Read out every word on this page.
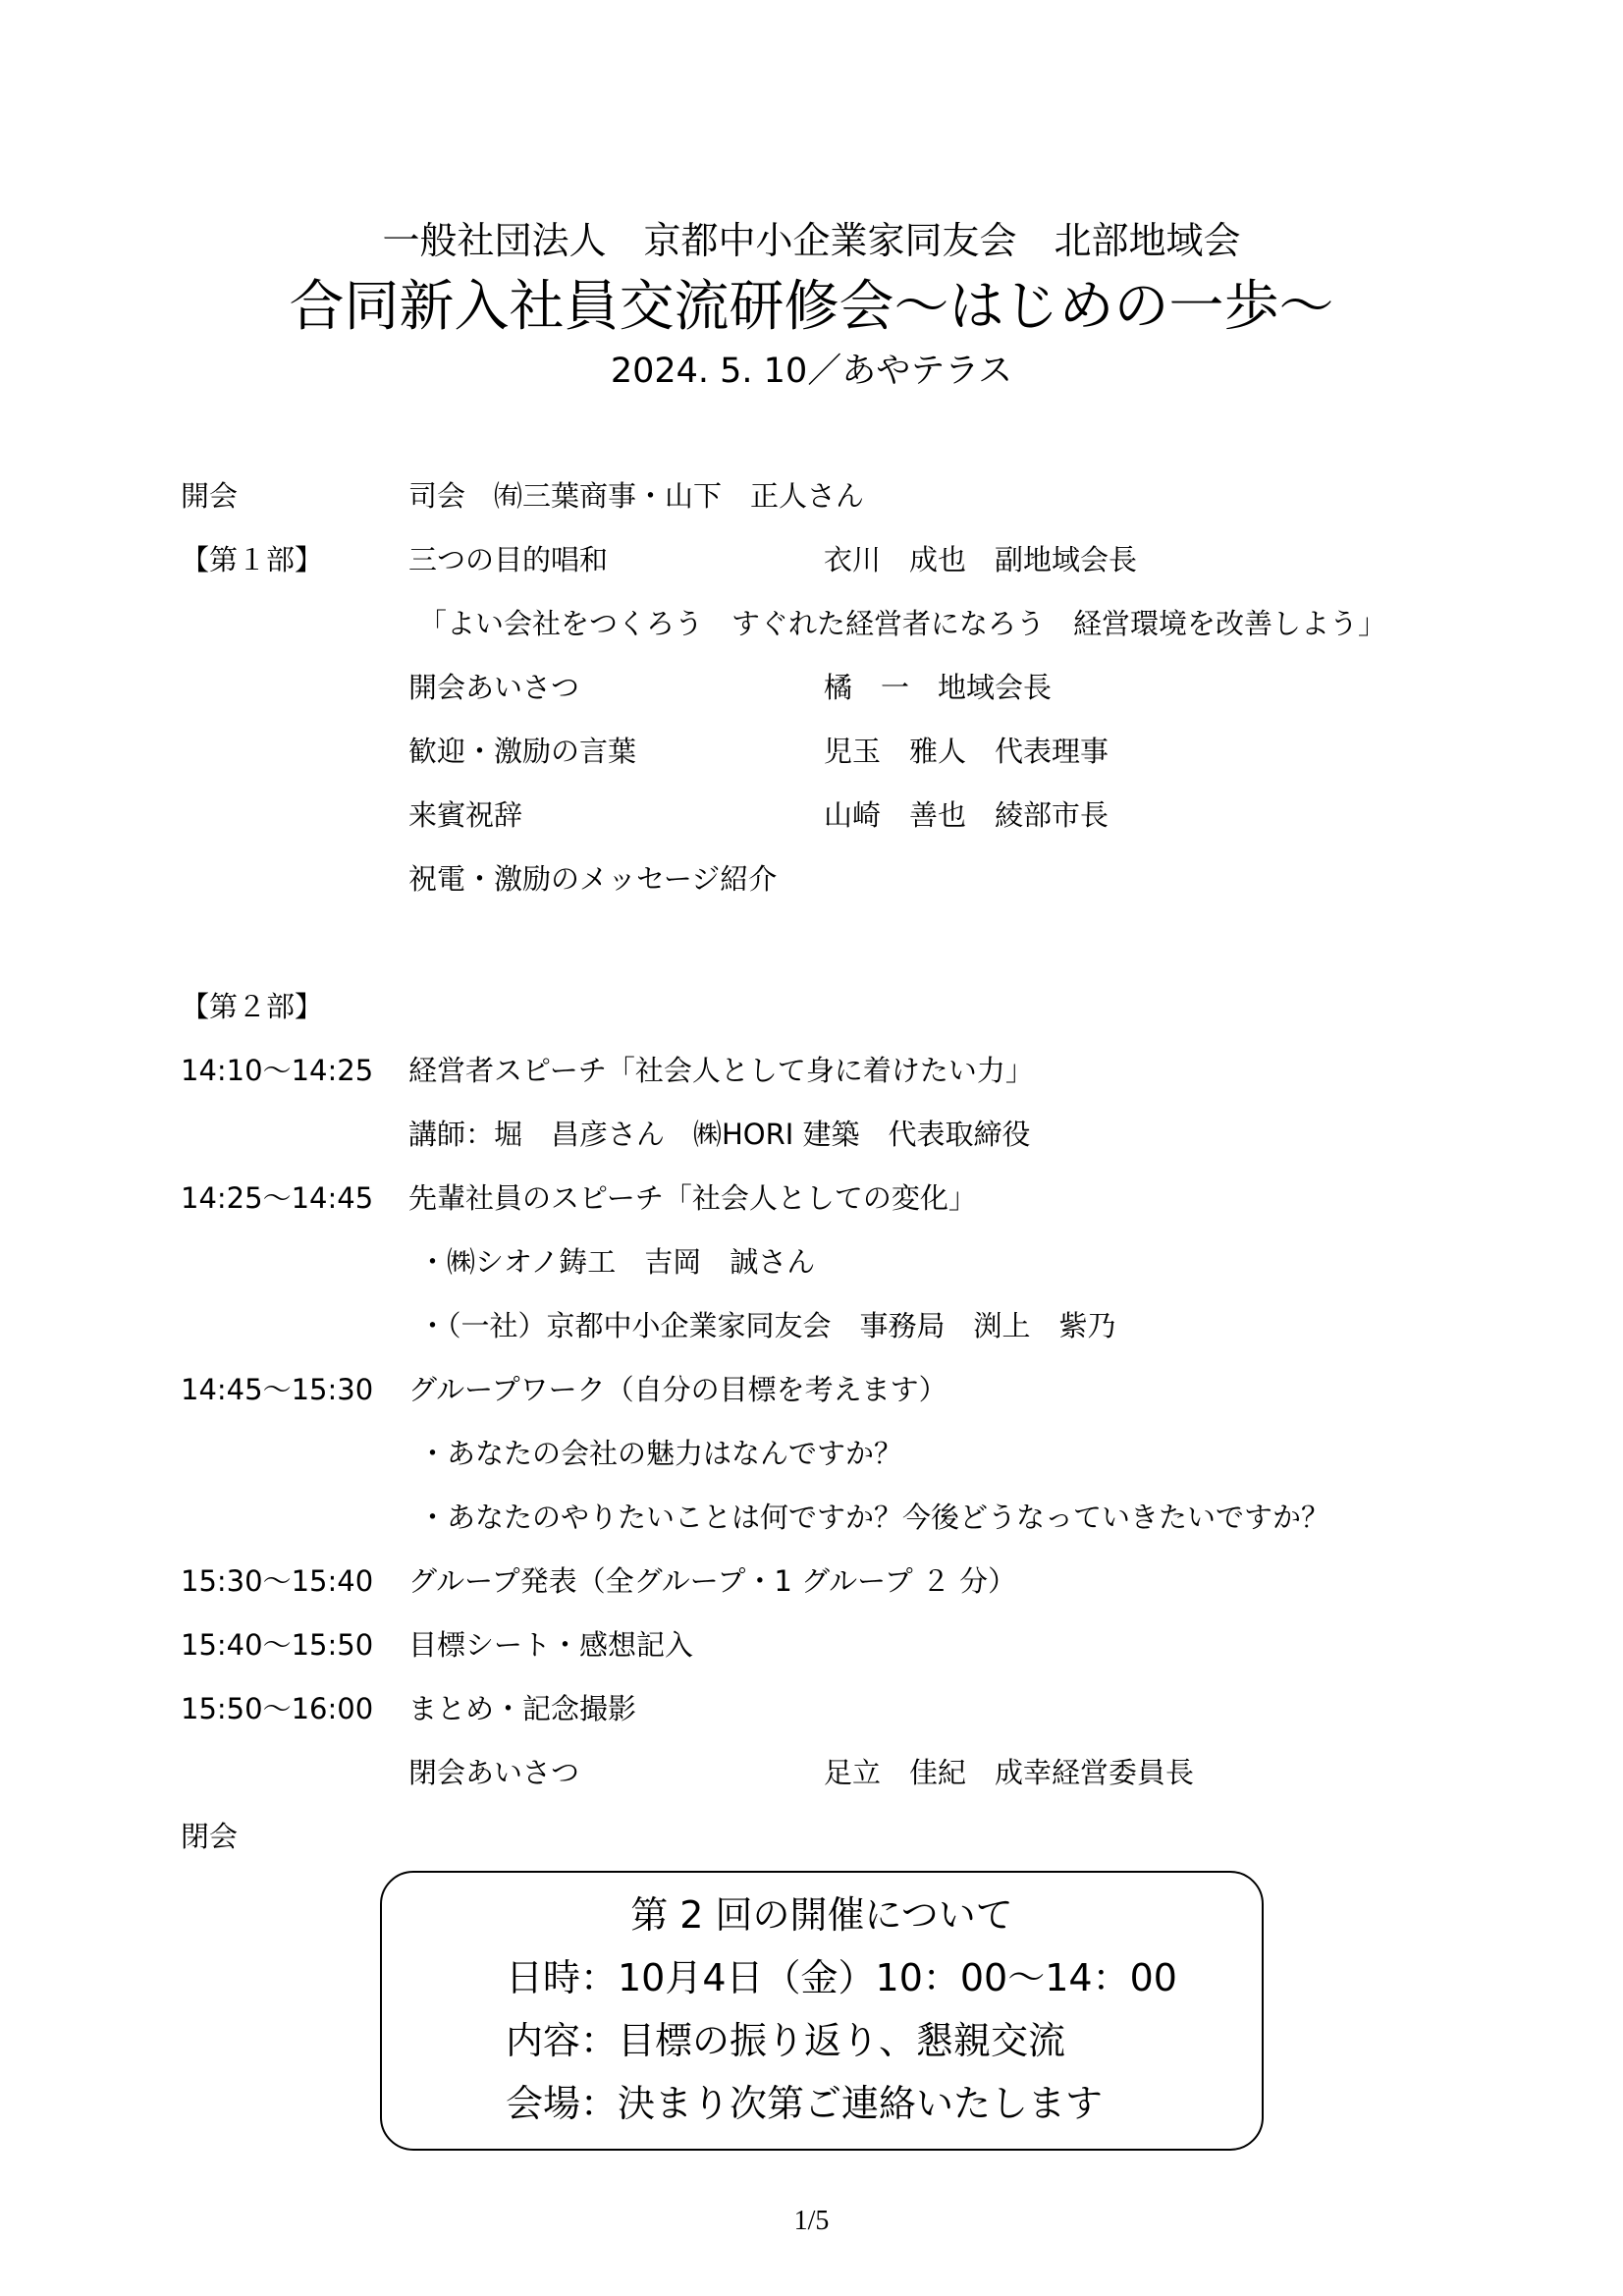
一般社団法人　京都中小企業家同友会　北部地域会
合同新入社員交流研修会～はじめの一歩～
2024. 5. 10／あやテラス
開会	司会　㈲三葉商事・山下　正人さん
【第１部】	三つの目的唱和	衣川　成也　副地域会長
「よい会社をつくろう　すぐれた経営者になろう　経営環境を改善しよう」
開会あいさつ	橘　一　地域会長
歓迎・激励の言葉	児玉　雅人　代表理事
来賓祝辞	山崎　善也　綾部市長
祝電・激励のメッセージ紹介
【第２部】
14:10～14:25 経営者スピーチ「社会人として身に着けたい力」
講師：堀　昌彦さん　㈱HORI 建築　代表取締役
14:25～14:45 先輩社員のスピーチ「社会人としての変化」
・㈱シオノ鋳工　吉岡　誠さん
・（一社）京都中小企業家同友会　事務局　渕上　紫乃
14:45～15:30 グループワーク（自分の目標を考えます）
・あなたの会社の魅力はなんですか？
・あなたのやりたいことは何ですか？今後どうなっていきたいですか？
15:30～15:40 グループ発表（全グループ・1 グループ ２ 分）
15:40～15:50 目標シート・感想記入
15:50～16:00 まとめ・記念撮影
閉会あいさつ	足立　佳紀　成幸経営委員長
閉会
第 2 回の開催について
日時：10月4日（金）10：00～14：00
内容：目標の振り返り、懇親交流
会場：決まり次第ご連絡いたします
1/5
